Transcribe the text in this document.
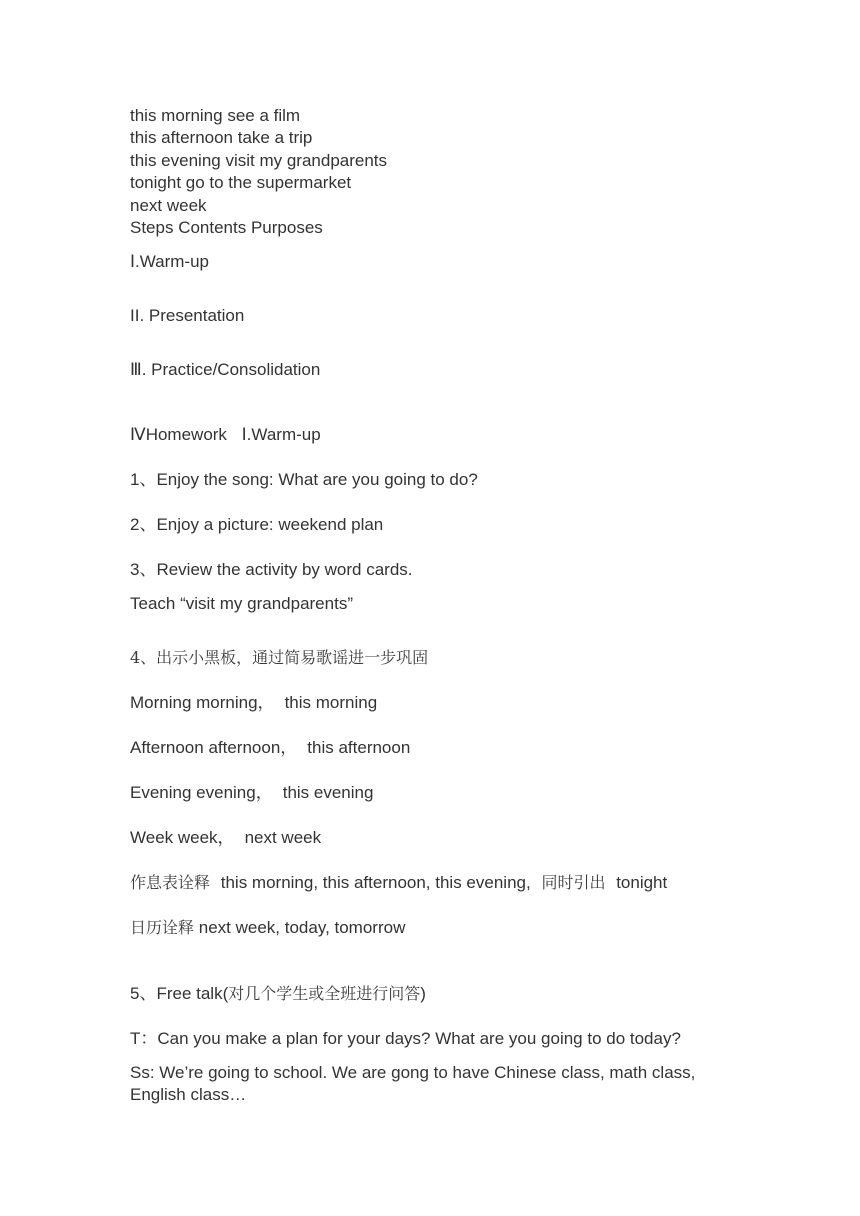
this morning see a film
this afternoon take a trip
this evening visit my grandparents
tonight go to the supermarket
next week
Steps Contents Purposes
Ⅰ.Warm-up
II. Presentation
Ⅲ. Practice/Consolidation
ⅣHomework Ⅰ.Warm-up
1、Enjoy the song: What are you going to do?
2、Enjoy a picture: weekend plan
3、Review the activity by word cards.
Teach “visit my grandparents”
4、出示小黑板，通过简易歌谣进一步巩固
Morning morning， this morning
Afternoon afternoon， this afternoon
Evening evening， this evening
Week week， next week
作息表诠释 this morning, this afternoon, this evening, 同时引出 tonight
日历诠释 next week, today, tomorrow
5、Free talk(对几个学生或全班进行问答)
T：Can you make a plan for your days? What are you going to do today?
Ss: We’re going to school. We are gong to have Chinese class, math class, English class…
